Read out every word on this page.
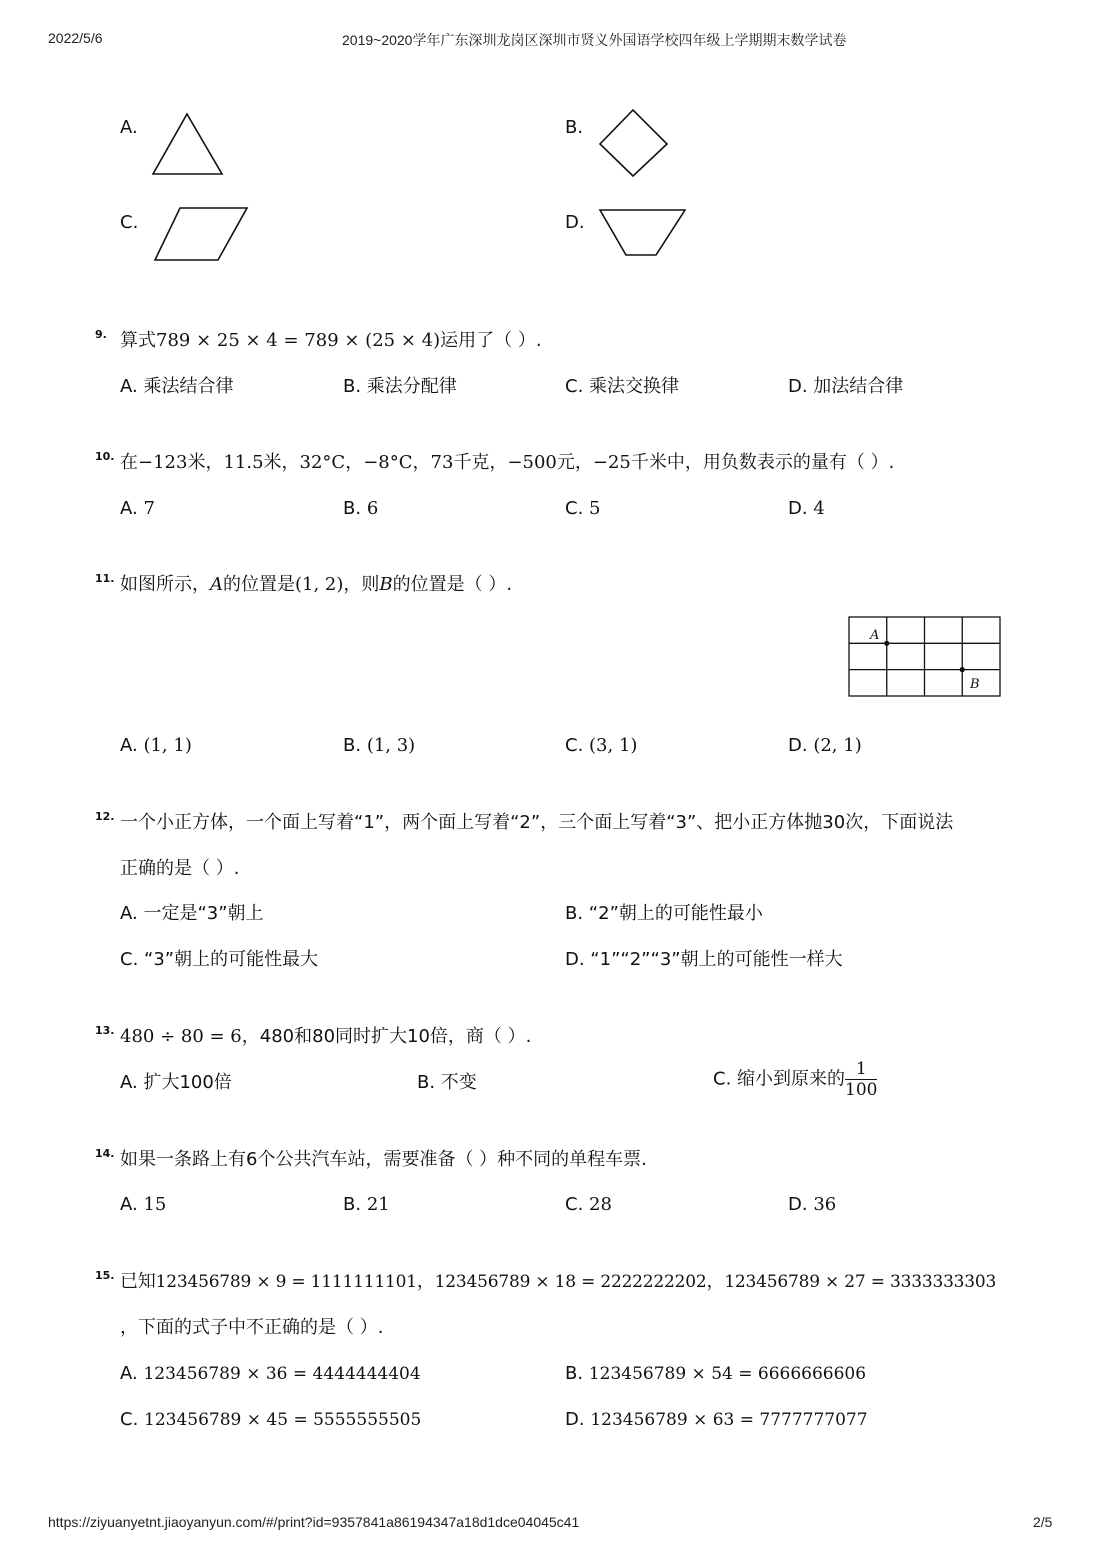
2022/5/6	2019~2020学年广东深圳龙岗区深圳市贤义外国语学校四年级上学期期末数学试卷
A.	B.
C.	D.
9. 算式789 × 25 × 4 = 789 × (25 × 4)运用了（ ）.
A. 乘法结合律	B. 乘法分配律	C. 乘法交换律	D. 加法结合律
10. 在−123米，11.5米，32°C，−8°C，73千克，−500元，−25千米中，用负数表示的量有（ ）.
A. 7	B. 6	C. 5	D. 4
11. 如图所示，A的位置是(1, 2)，则B的位置是（ ）.
A
B
A. (1, 1)	B. (1, 3)	C. (3, 1)	D. (2, 1)
12. 一个小正方体，一个面上写着“1”，两个面上写着“2”，三个面上写着“3”、把小正方体抛30次，下面说法
正确的是（ ）.
A. 一定是“3”朝上	B. “2”朝上的可能性最小
C. “3”朝上的可能性最大	D. “1”“2”“3”朝上的可能性一样大
13. 480 ÷ 80 = 6，480和80同时扩大10倍，商（ ）.
A. 扩大100倍	B. 不变	C. 缩小到原来的 $\frac{1}{100}$
14. 如果一条路上有6个公共汽车站，需要准备（ ）种不同的单程车票.
A. 15	B. 21	C. 28	D. 36
15. 已知123456789 × 9 = 1111111101，123456789 × 18 = 2222222202，123456789 × 27 = 3333333303
，下面的式子中不正确的是（ ）.
A. 123456789 × 36 = 4444444404	B. 123456789 × 54 = 6666666606
C. 123456789 × 45 = 5555555505	D. 123456789 × 63 = 7777777077
https://ziyuanyetnt.jiaoyanyun.com/#/print?id=9357841a86194347a18d1dce04045c41	2/5
